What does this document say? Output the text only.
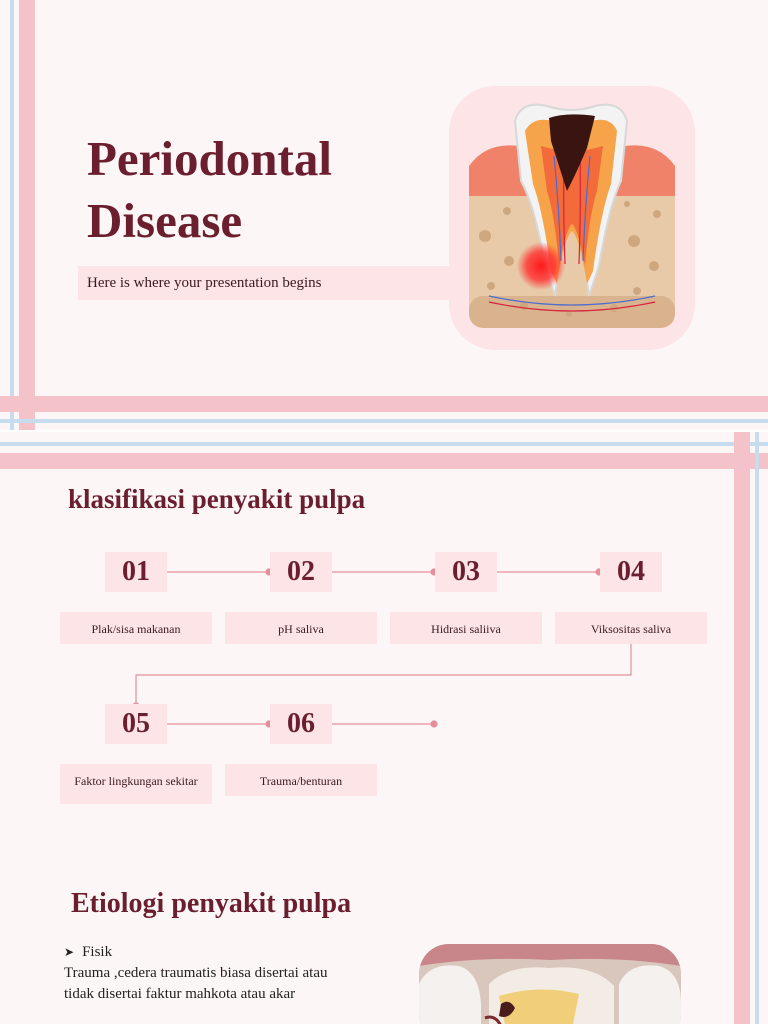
Periodontal
Disease
Here is where your presentation begins
klasifikasi penyakit pulpa
01	02	03	04
Plak/sisa makanan	pH saliva	Hidrasi saliiva	Viksositas saliva
05	06
Faktor lingkungan sekitar	Trauma/benturan
Etiologi penyakit pulpa
➤ Fisik
Trauma ,cedera traumatis biasa disertai atau tidak disertai faktur mahkota atau akar
